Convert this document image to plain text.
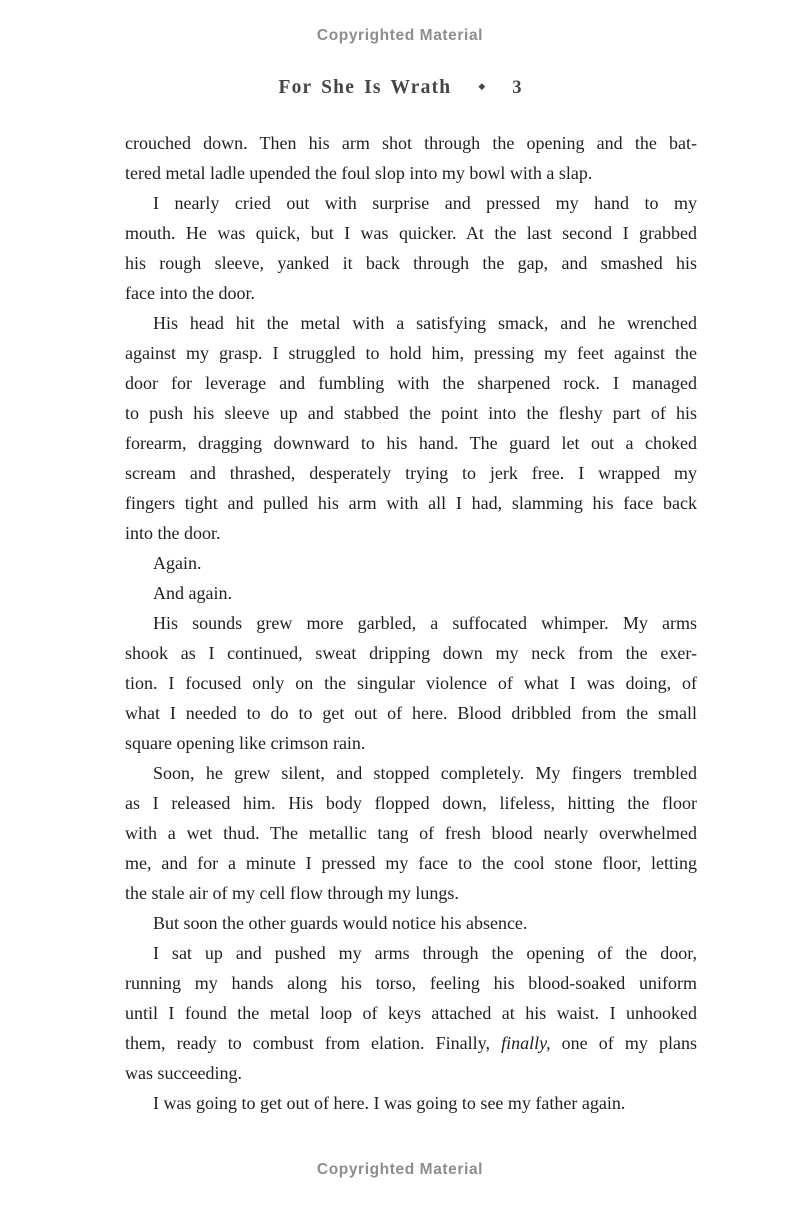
Copyrighted Material
For She Is Wrath	◆ 3
crouched down. Then his arm shot through the opening and the bat-
tered metal ladle upended the foul slop into my bowl with a slap.
I nearly cried out with surprise and pressed my hand to my
mouth. He was quick, but I was quicker. At the last second I grabbed
his rough sleeve, yanked it back through the gap, and smashed his
face into the door.
His head hit the metal with a satisfying smack, and he wrenched
against my grasp. I struggled to hold him, pressing my feet against the
door for leverage and fumbling with the sharpened rock. I managed
to push his sleeve up and stabbed the point into the fleshy part of his
forearm, dragging downward to his hand. The guard let out a choked
scream and thrashed, desperately trying to jerk free. I wrapped my
fingers tight and pulled his arm with all I had, slamming his face back
into the door.
Again.
And again.
His sounds grew more garbled, a suffocated whimper. My arms
shook as I continued, sweat dripping down my neck from the exer-
tion. I focused only on the singular violence of what I was doing, of
what I needed to do to get out of here. Blood dribbled from the small
square opening like crimson rain.
Soon, he grew silent, and stopped completely. My fingers trembled
as I released him. His body flopped down, lifeless, hitting the floor
with a wet thud. The metallic tang of fresh blood nearly overwhelmed
me, and for a minute I pressed my face to the cool stone floor, letting
the stale air of my cell flow through my lungs.
But soon the other guards would notice his absence.
I sat up and pushed my arms through the opening of the door,
running my hands along his torso, feeling his blood-soaked uniform
until I found the metal loop of keys attached at his waist. I unhooked
them, ready to combust from elation. Finally, finally, one of my plans
was succeeding.
I was going to get out of here. I was going to see my father again.
Copyrighted Material
